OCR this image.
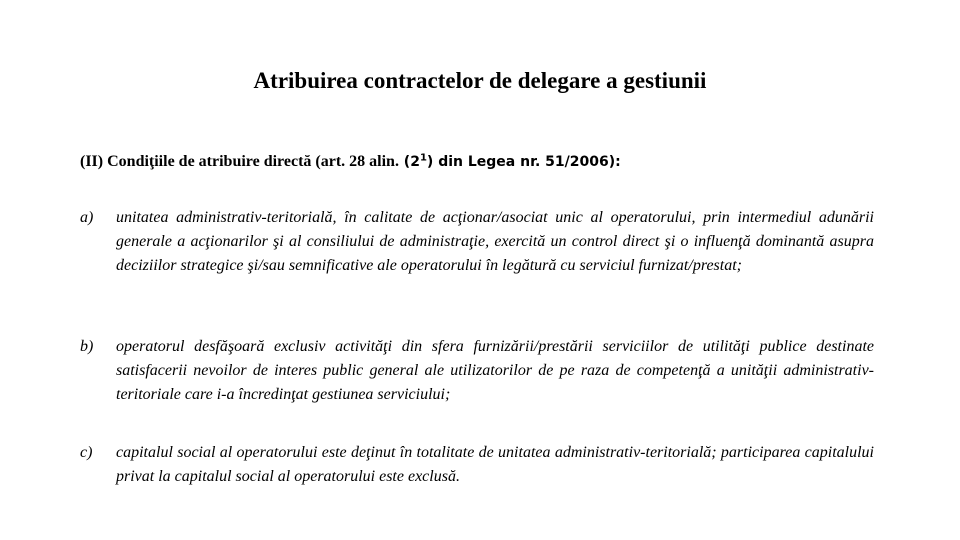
Atribuirea contractelor de delegare a gestiunii
(II) Condiţiile de atribuire directă (art. 28 alin. $(2^1)$ din Legea nr. 51/2006):
a)	unitatea administrativ-teritorială, în calitate de acţionar/asociat unic al operatorului, prin intermediul adunării generale a acţionarilor şi al consiliului de administraţie, exercită un control direct şi o influenţă dominantă asupra deciziilor strategice şi/sau semnificative ale operatorului în legătură cu serviciul furnizat/prestat;
b)	operatorul desfăşoară exclusiv activităţi din sfera furnizării/prestării serviciilor de utilităţi publice destinate satisfacerii nevoilor de interes public general ale utilizatorilor de pe raza de competenţă a unităţii administrativ-teritoriale care i-a încredinţat gestiunea serviciului;
c)	capitalul social al operatorului este deţinut în totalitate de unitatea administrativ-teritorială; participarea capitalului privat la capitalul social al operatorului este exclusă.
